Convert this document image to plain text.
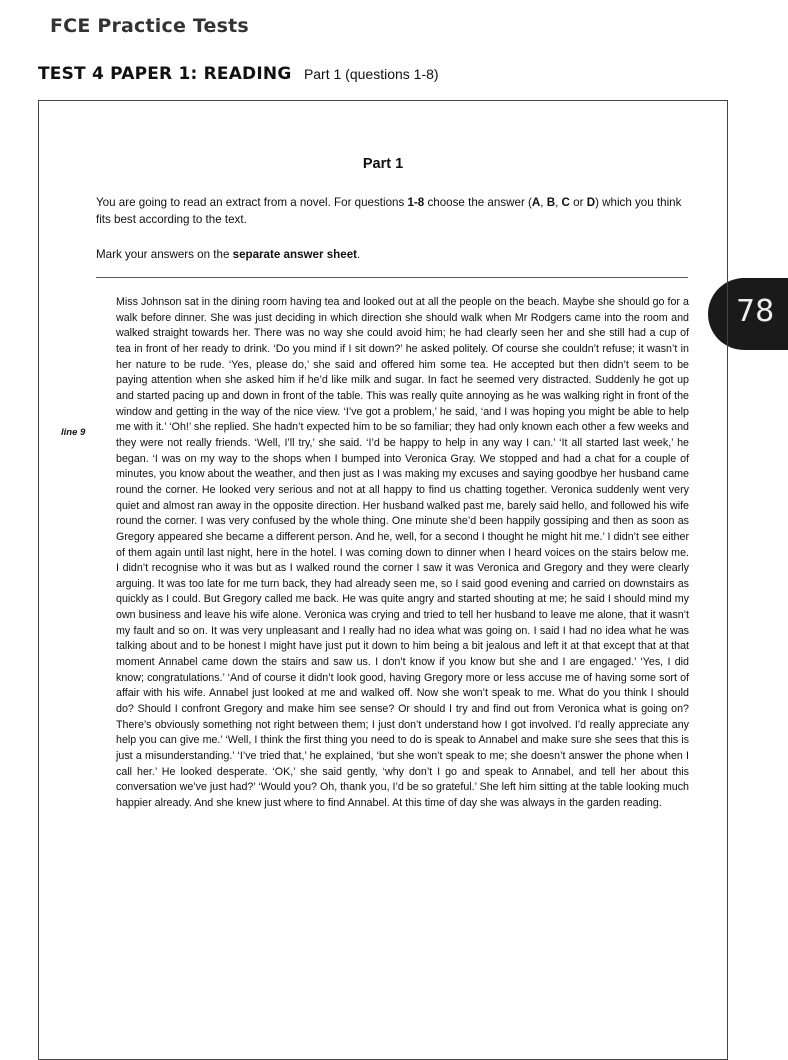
FCE Practice Tests
TEST 4 PAPER 1: READING Part 1 (questions 1-8)
78
Part 1

You are going to read an extract from a novel. For questions 1-8 choose the answer (A, B, C or D) which you think fits best according to the text.

Mark your answers on the separate answer sheet.

line 9

Miss Johnson sat in the dining room having tea and looked out at all the people on the beach. Maybe she should go for a walk before dinner. She was just deciding in which direction she should walk when Mr Rodgers came into the room and walked straight towards her. There was no way she could avoid him; he had clearly seen her and she still had a cup of tea in front of her ready to drink. ‘Do you mind if I sit down?’ he asked politely. Of course she couldn’t refuse; it wasn’t in her nature to be rude. ‘Yes, please do,’ she said and offered him some tea. He accepted but then didn’t seem to be paying attention when she asked him if he’d like milk and sugar. In fact he seemed very distracted. Suddenly he got up and started pacing up and down in front of the table. This was really quite annoying as he was walking right in front of the window and getting in the way of the nice view. ‘I’ve got a problem,’ he said, ‘and I was hoping you might be able to help me with it.’ ‘Oh!’ she replied. She hadn’t expected him to be so familiar; they had only known each other a few weeks and they were not really friends. ‘Well, I’ll try,’ she said. ‘I’d be happy to help in any way I can.’ ‘It all started last week,’ he began. ‘I was on my way to the shops when I bumped into Veronica Gray. We stopped and had a chat for a couple of minutes, you know about the weather, and then just as I was making my excuses and saying goodbye her husband came round the corner. He looked very serious and not at all happy to find us chatting together. Veronica suddenly went very quiet and almost ran away in the opposite direction. Her husband walked past me, barely said hello, and followed his wife round the corner. I was very confused by the whole thing. One minute she’d been happily gossiping and then as soon as Gregory appeared she became a different person. And he, well, for a second I thought he might hit me.’ I didn’t see either of them again until last night, here in the hotel. I was coming down to dinner when I heard voices on the stairs below me. I didn’t recognise who it was but as I walked round the corner I saw it was Veronica and Gregory and they were clearly arguing. It was too late for me turn back, they had already seen me, so I said good evening and carried on downstairs as quickly as I could. But Gregory called me back. He was quite angry and started shouting at me; he said I should mind my own business and leave his wife alone. Veronica was crying and tried to tell her husband to leave me alone, that it wasn’t my fault and so on. It was very unpleasant and I really had no idea what was going on. I said I had no idea what he was talking about and to be honest I might have just put it down to him being a bit jealous and left it at that except that at that moment Annabel came down the stairs and saw us. I don’t know if you know but she and I are engaged.’ ‘Yes, I did know; congratulations.’ ‘And of course it didn’t look good, having Gregory more or less accuse me of having some sort of affair with his wife. Annabel just looked at me and walked off. Now she won’t speak to me. What do you think I should do? Should I confront Gregory and make him see sense? Or should I try and find out from Veronica what is going on? There’s obviously something not right between them; I just don’t understand how I got involved. I’d really appreciate any help you can give me.’ ‘Well, I think the first thing you need to do is speak to Annabel and make sure she sees that this is just a misunderstanding.’ ‘I’ve tried that,’ he explained, ‘but she won’t speak to me; she doesn’t answer the phone when I call her.’ He looked desperate. ‘OK,’ she said gently, ‘why don’t I go and speak to Annabel, and tell her about this conversation we’ve just had?’ ‘Would you? Oh, thank you, I’d be so grateful.’ She left him sitting at the table looking much happier already. And she knew just where to find Annabel. At this time of day she was always in the garden reading.
